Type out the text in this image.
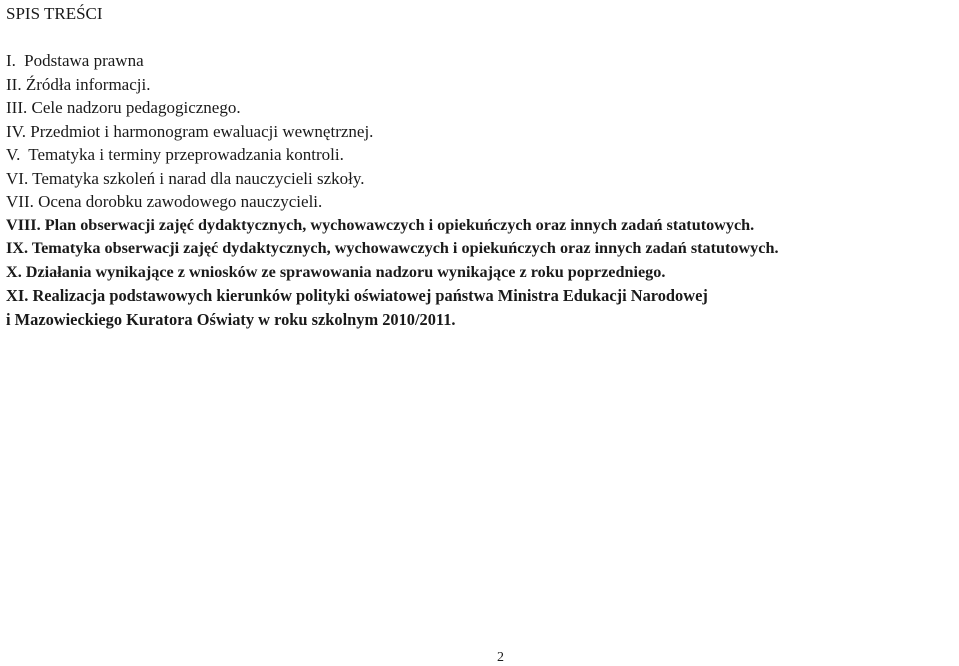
SPIS TREŚCI
I. Podstawa prawna
II. Źródła informacji.
III. Cele nadzoru pedagogicznego.
IV. Przedmiot i harmonogram ewaluacji wewnętrznej.
V. Tematyka i terminy przeprowadzania kontroli.
VI. Tematyka szkoleń i narad dla nauczycieli szkoły.
VII. Ocena dorobku zawodowego nauczycieli.
VIII. Plan obserwacji zajęć dydaktycznych, wychowawczych i opiekuńczych oraz innych zadań statutowych.
IX. Tematyka obserwacji zajęć dydaktycznych, wychowawczych i opiekuńczych oraz innych zadań statutowych.
X. Działania wynikające z wniosków ze sprawowania nadzoru wynikające z roku poprzedniego.
XI. Realizacja podstawowych kierunków polityki oświatowej państwa Ministra Edukacji Narodowej
i Mazowieckiego Kuratora Oświaty w roku szkolnym 2010/2011.
2
